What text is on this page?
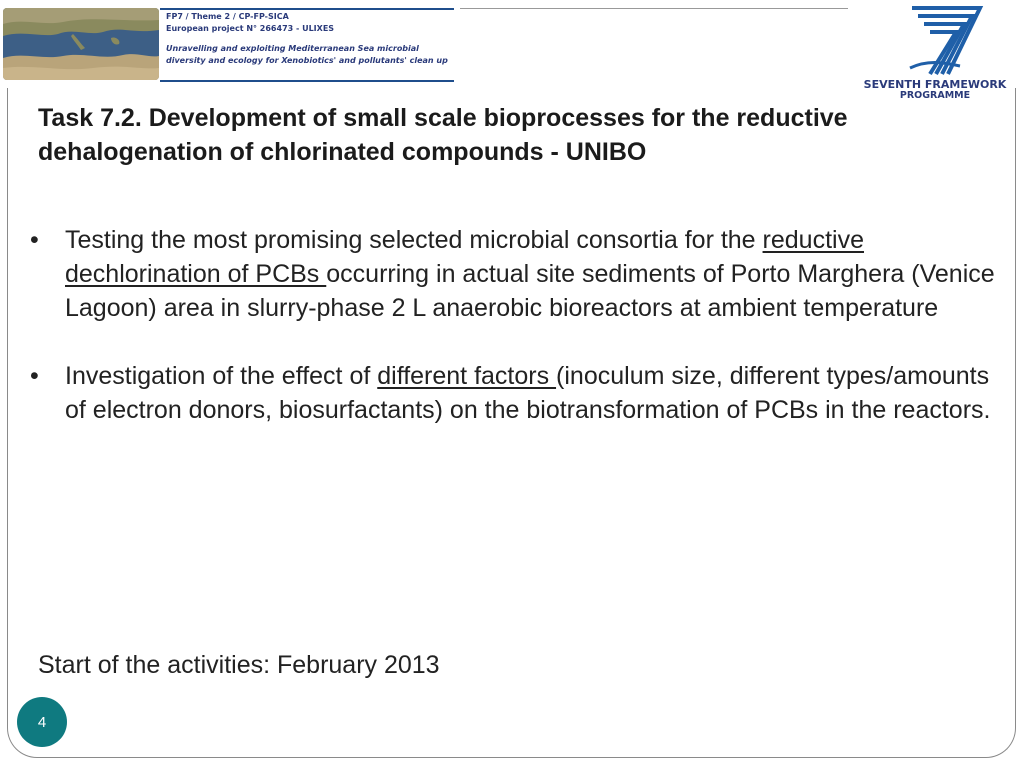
FP7 / Theme 2 / CP-FP-SICA
European project N° 266473 - ULIXES
Unravelling and exploiting Mediterranean Sea microbial
diversity and ecology for Xenobiotics' and pollutants' clean up
SEVENTH FRAMEWORK
PROGRAMME
Task 7.2. Development of small scale bioprocesses for the reductive dehalogenation of chlorinated compounds - UNIBO
• Testing the most promising selected microbial consortia for the reductive dechlorination of PCBs occurring in actual site sediments of Porto Marghera (Venice Lagoon) area in slurry-phase 2 L anaerobic bioreactors at ambient temperature
• Investigation of the effect of different factors (inoculum size, different types/amounts of electron donors, biosurfactants) on the biotransformation of PCBs in the reactors.
Start of the activities: February 2013
4
